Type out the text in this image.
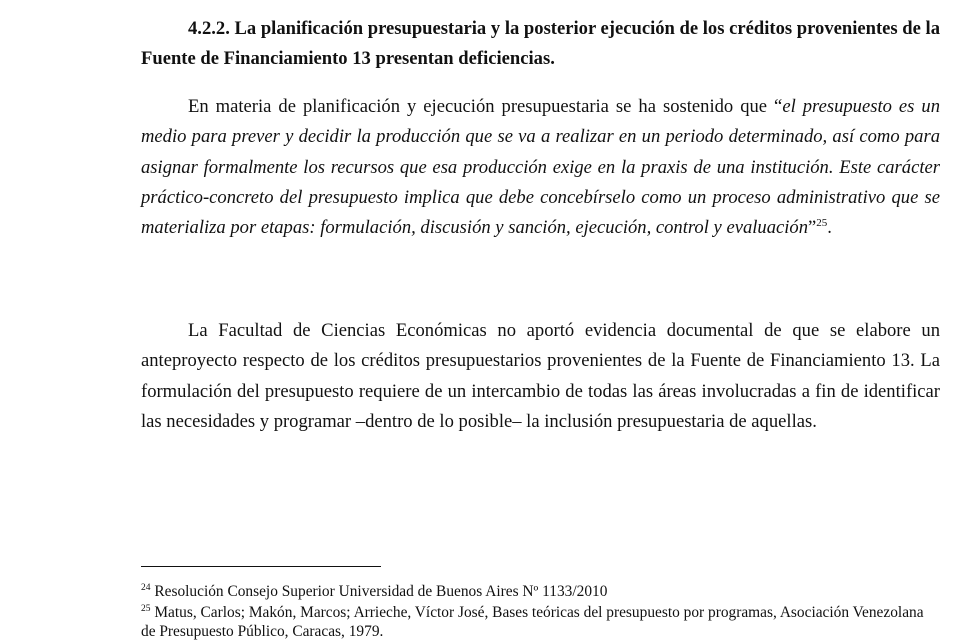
4.2.2. La planificación presupuestaria y la posterior ejecución de los créditos provenientes de la Fuente de Financiamiento 13 presentan deficiencias.

En materia de planificación y ejecución presupuestaria se ha sostenido que “el presupuesto es un medio para prever y decidir la producción que se va a realizar en un periodo determinado, así como para asignar formalmente los recursos que esa producción exige en la praxis de una institución. Este carácter práctico-concreto del presupuesto implica que debe concebírselo como un proceso administrativo que se materializa por etapas: formulación, discusión y sanción, ejecución, control y evaluación”$^{25}$.

La Facultad de Ciencias Económicas no aportó evidencia documental de que se elabore un anteproyecto respecto de los créditos presupuestarios provenientes de la Fuente de Financiamiento 13. La formulación del presupuesto requiere de un intercambio de todas las áreas involucradas a fin de identificar las necesidades y programar –dentro de lo posible– la inclusión presupuestaria de aquellas.

$^{24}$ Resolución Consejo Superior Universidad de Buenos Aires Nº 1133/2010

$^{25}$ Matus, Carlos; Makón, Marcos; Arrieche, Víctor José, Bases teóricas del presupuesto por programas, Asociación Venezolana de Presupuesto Público, Caracas, 1979.
